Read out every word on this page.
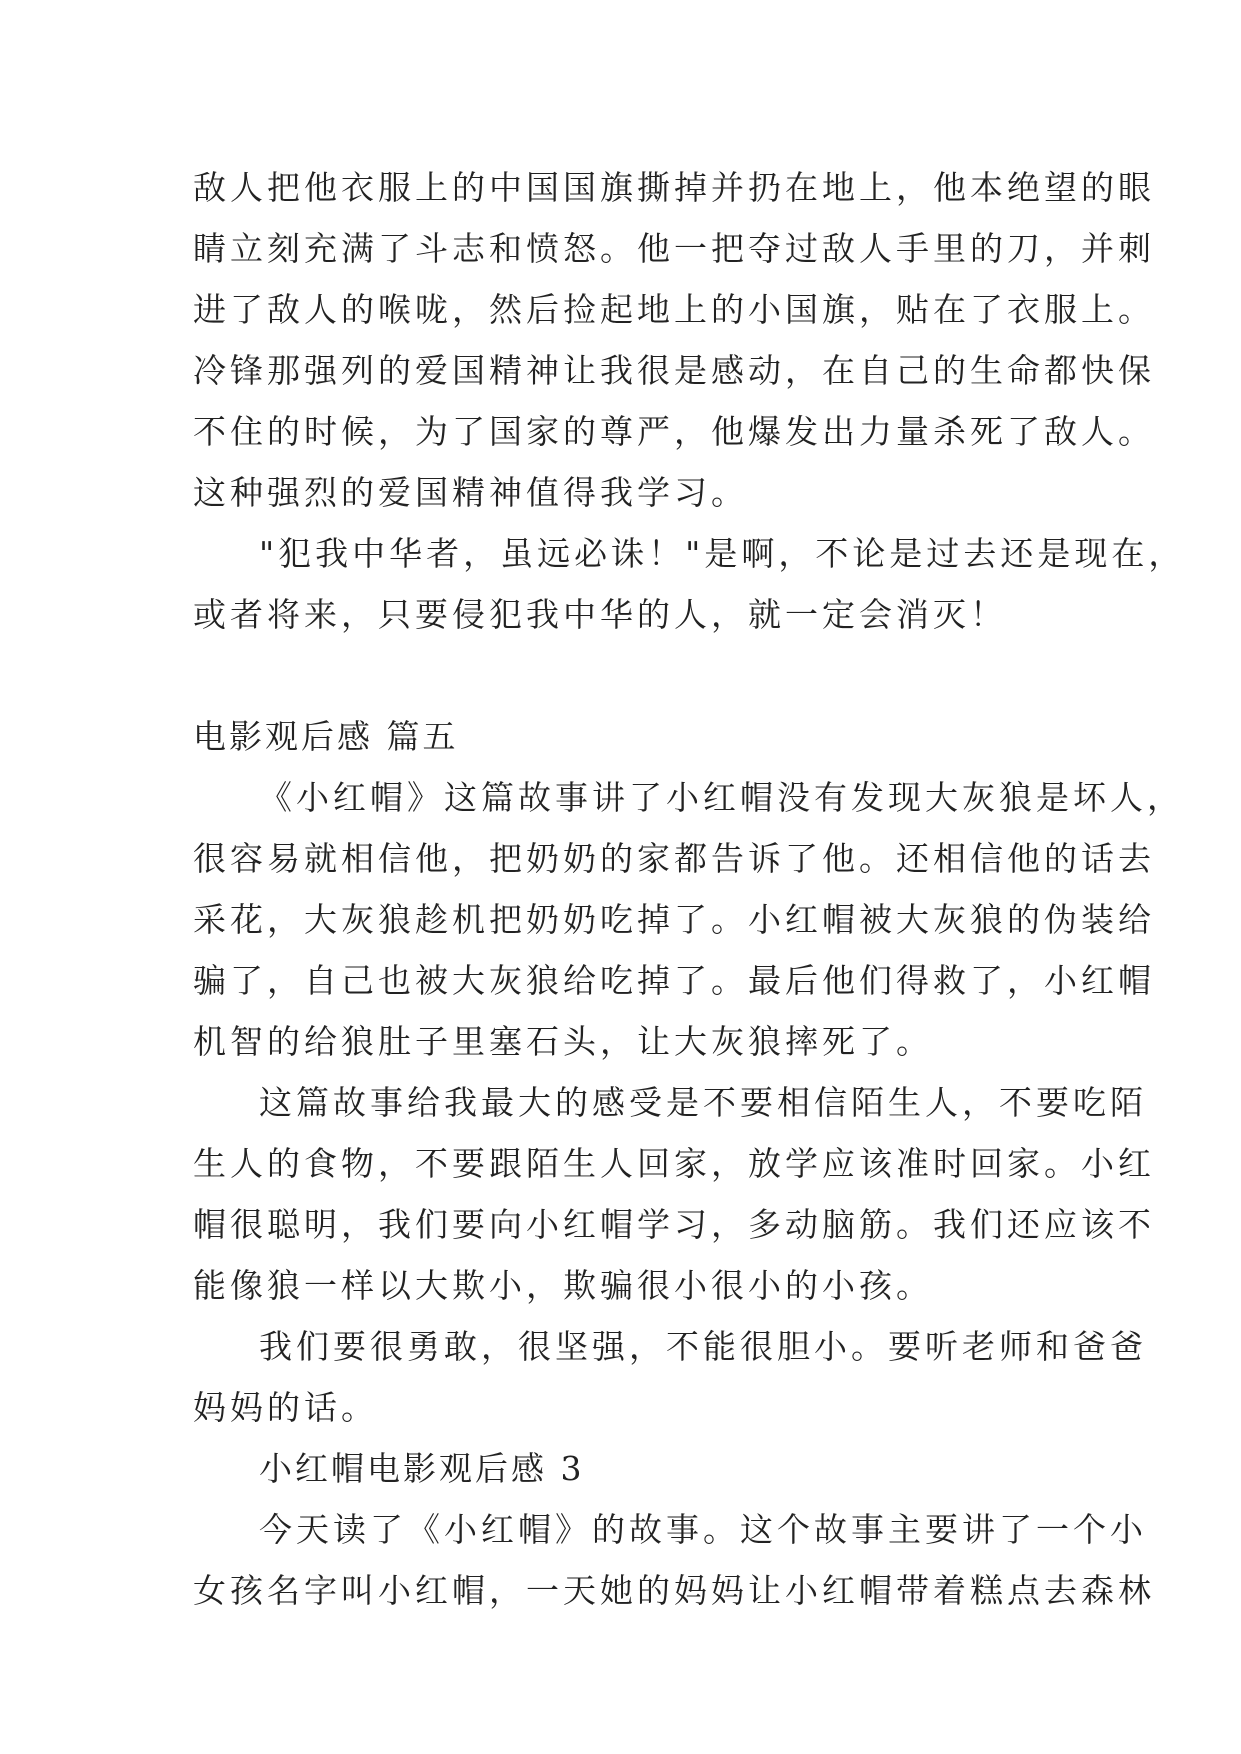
敌人把他衣服上的中国国旗撕掉并扔在地上，他本绝望的眼
睛立刻充满了斗志和愤怒。他一把夺过敌人手里的刀，并刺
进了敌人的喉咙，然后捡起地上的小国旗，贴在了衣服上。
冷锋那强列的爱国精神让我很是感动，在自己的生命都快保
不住的时候，为了国家的尊严，他爆发出力量杀死了敌人。
这种强烈的爱国精神值得我学习。
"犯我中华者，虽远必诛！"是啊，不论是过去还是现在，
或者将来，只要侵犯我中华的人，就一定会消灭！
电影观后感 篇五
《小红帽》这篇故事讲了小红帽没有发现大灰狼是坏人，
很容易就相信他，把奶奶的家都告诉了他。还相信他的话去
采花，大灰狼趁机把奶奶吃掉了。小红帽被大灰狼的伪装给
骗了，自己也被大灰狼给吃掉了。最后他们得救了，小红帽
机智的给狼肚子里塞石头，让大灰狼摔死了。
这篇故事给我最大的感受是不要相信陌生人，不要吃陌
生人的食物，不要跟陌生人回家，放学应该准时回家。小红
帽很聪明，我们要向小红帽学习，多动脑筋。我们还应该不
能像狼一样以大欺小，欺骗很小很小的小孩。
我们要很勇敢，很坚强，不能很胆小。要听老师和爸爸
妈妈的话。
小红帽电影观后感 3
今天读了《小红帽》的故事。这个故事主要讲了一个小
女孩名字叫小红帽，一天她的妈妈让小红帽带着糕点去森林
